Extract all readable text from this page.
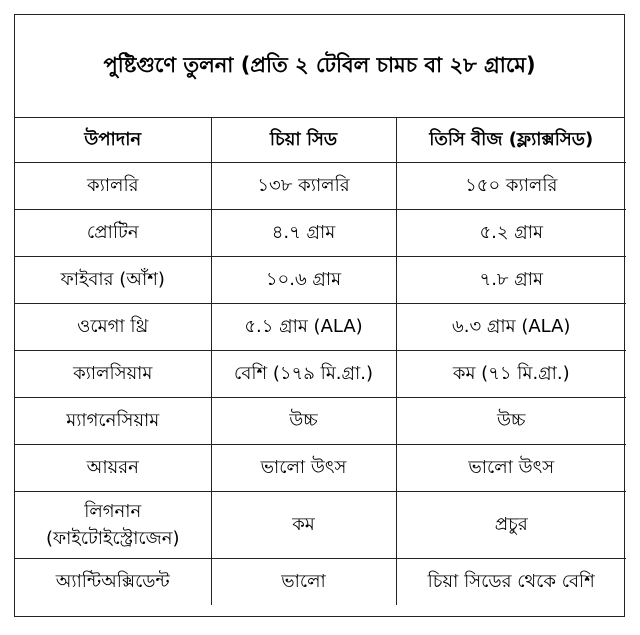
পুষ্টিগুণে তুলনা (প্রতি ২ টেবিল চামচ বা ২৮ গ্রামে)
উপাদান	চিয়া সিড	তিসি বীজ (ফ্ল্যাক্সসিড)
ক্যালরি	১৩৮ ক্যালরি	১৫০ ক্যালরি
প্রোটিন	৪.৭ গ্রাম	৫.২ গ্রাম
ফাইবার (আঁশ)	১০.৬ গ্রাম	৭.৮ গ্রাম
ওমেগা থ্রি	৫.১ গ্রাম (ALA)	৬.৩ গ্রাম (ALA)
ক্যালসিয়াম	বেশি (১৭৯ মি.গ্রা.)	কম (৭১ মি.গ্রা.)
ম্যাগনেসিয়াম	উচ্চ	উচ্চ
আয়রন	ভালো উৎস	ভালো উৎস

লিগনান
(ফাইটোইস্ট্রোজেন)	কম	প্রচুর
অ্যান্টিঅক্সিডেন্ট	ভালো	চিয়া সিডের থেকে বেশি
